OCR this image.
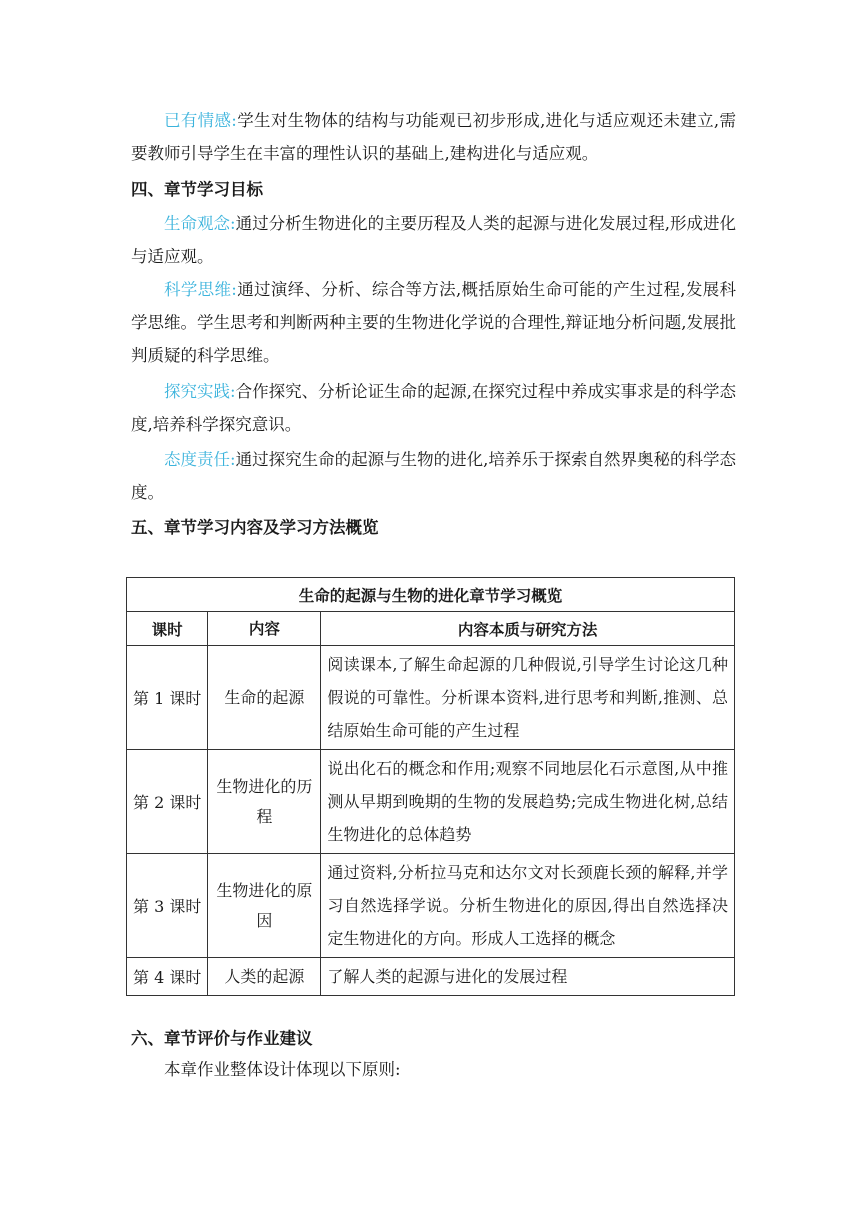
已有情感:学生对生物体的结构与功能观已初步形成,进化与适应观还未建立,需要教师引导学生在丰富的理性认识的基础上,建构进化与适应观。

四、章节学习目标

生命观念:通过分析生物进化的主要历程及人类的起源与进化发展过程,形成进化与适应观。

科学思维:通过演绎、分析、综合等方法,概括原始生命可能的产生过程,发展科学思维。学生思考和判断两种主要的生物进化学说的合理性,辩证地分析问题,发展批判质疑的科学思维。

探究实践:合作探究、分析论证生命的起源,在探究过程中养成实事求是的科学态度,培养科学探究意识。

态度责任:通过探究生命的起源与生物的进化,培养乐于探索自然界奥秘的科学态度。

五、章节学习内容及学习方法概览
生命的起源与生物的进化章节学习概览		
课时	内容	内容本质与研究方法
第 1 课时	生命的起源	阅读课本,了解生命起源的几种假说,引导学生讨论这几种假说的可靠性。分析课本资料,进行思考和判断,推测、总结原始生命可能的产生过程
第 2 课时	生物进化的历程	说出化石的概念和作用;观察不同地层化石示意图,从中推测从早期到晚期的生物的发展趋势;完成生物进化树,总结生物进化的总体趋势
第 3 课时	生物进化的原因	通过资料,分析拉马克和达尔文对长颈鹿长颈的解释,并学习自然选择学说。分析生物进化的原因,得出自然选择决定生物进化的方向。形成人工选择的概念
第 4 课时	人类的起源	了解人类的起源与进化的发展过程
六、章节评价与作业建议

本章作业整体设计体现以下原则:
